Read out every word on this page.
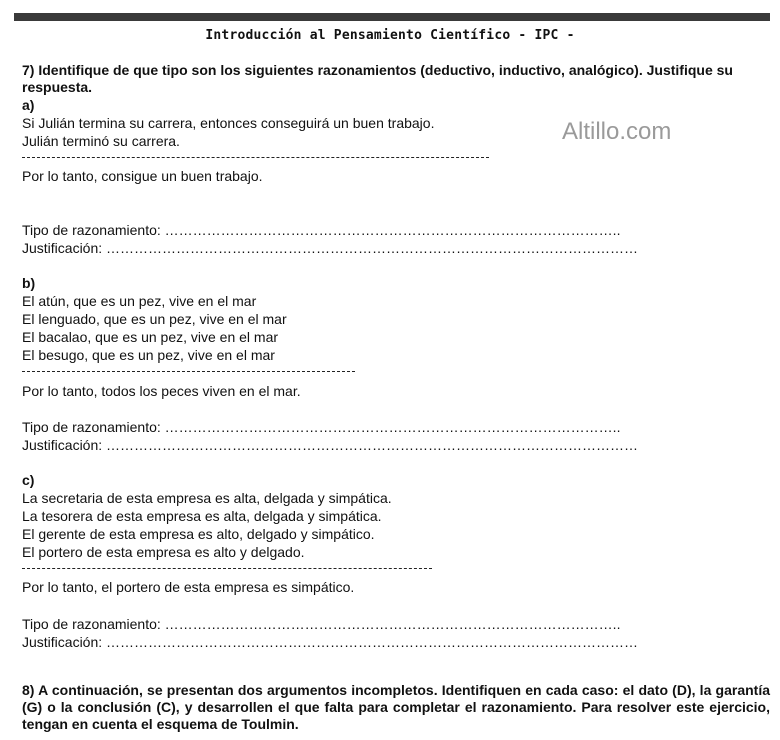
Introducción al Pensamiento Científico - IPC -
Altillo.com
7) Identifique de que tipo son los siguientes razonamientos (deductivo, inductivo, analógico). Justifique su respuesta.
a)
Si Julián termina su carrera, entonces conseguirá un buen trabajo.
Julián terminó su carrera.
Por lo tanto, consigue un buen trabajo.
Tipo de razonamiento: ……………………………………………………………………………………..
Justificación: ……………………………………………………………………………………………………
b)
El atún, que es un pez, vive en el mar
El lenguado, que es un pez, vive en el mar
El bacalao, que es un pez, vive en el mar
El besugo, que es un pez, vive en el mar
Por lo tanto, todos los peces viven en el mar.
Tipo de razonamiento: ……………………………………………………………………………………..
Justificación: ……………………………………………………………………………………………………
c)
La secretaria de esta empresa es alta, delgada y simpática.
La tesorera de esta empresa es alta, delgada y simpática.
El gerente de esta empresa es alto, delgado y simpático.
El portero de esta empresa es alto y delgado.
Por lo tanto, el portero de esta empresa es simpático.
Tipo de razonamiento: ……………………………………………………………………………………..
Justificación: ……………………………………………………………………………………………………
8) A continuación, se presentan dos argumentos incompletos. Identifiquen en cada caso: el dato (D), la garantía (G) o la conclusión (C), y desarrollen el que falta para completar el razonamiento. Para resolver este ejercicio, tengan en cuenta el esquema de Toulmin.
